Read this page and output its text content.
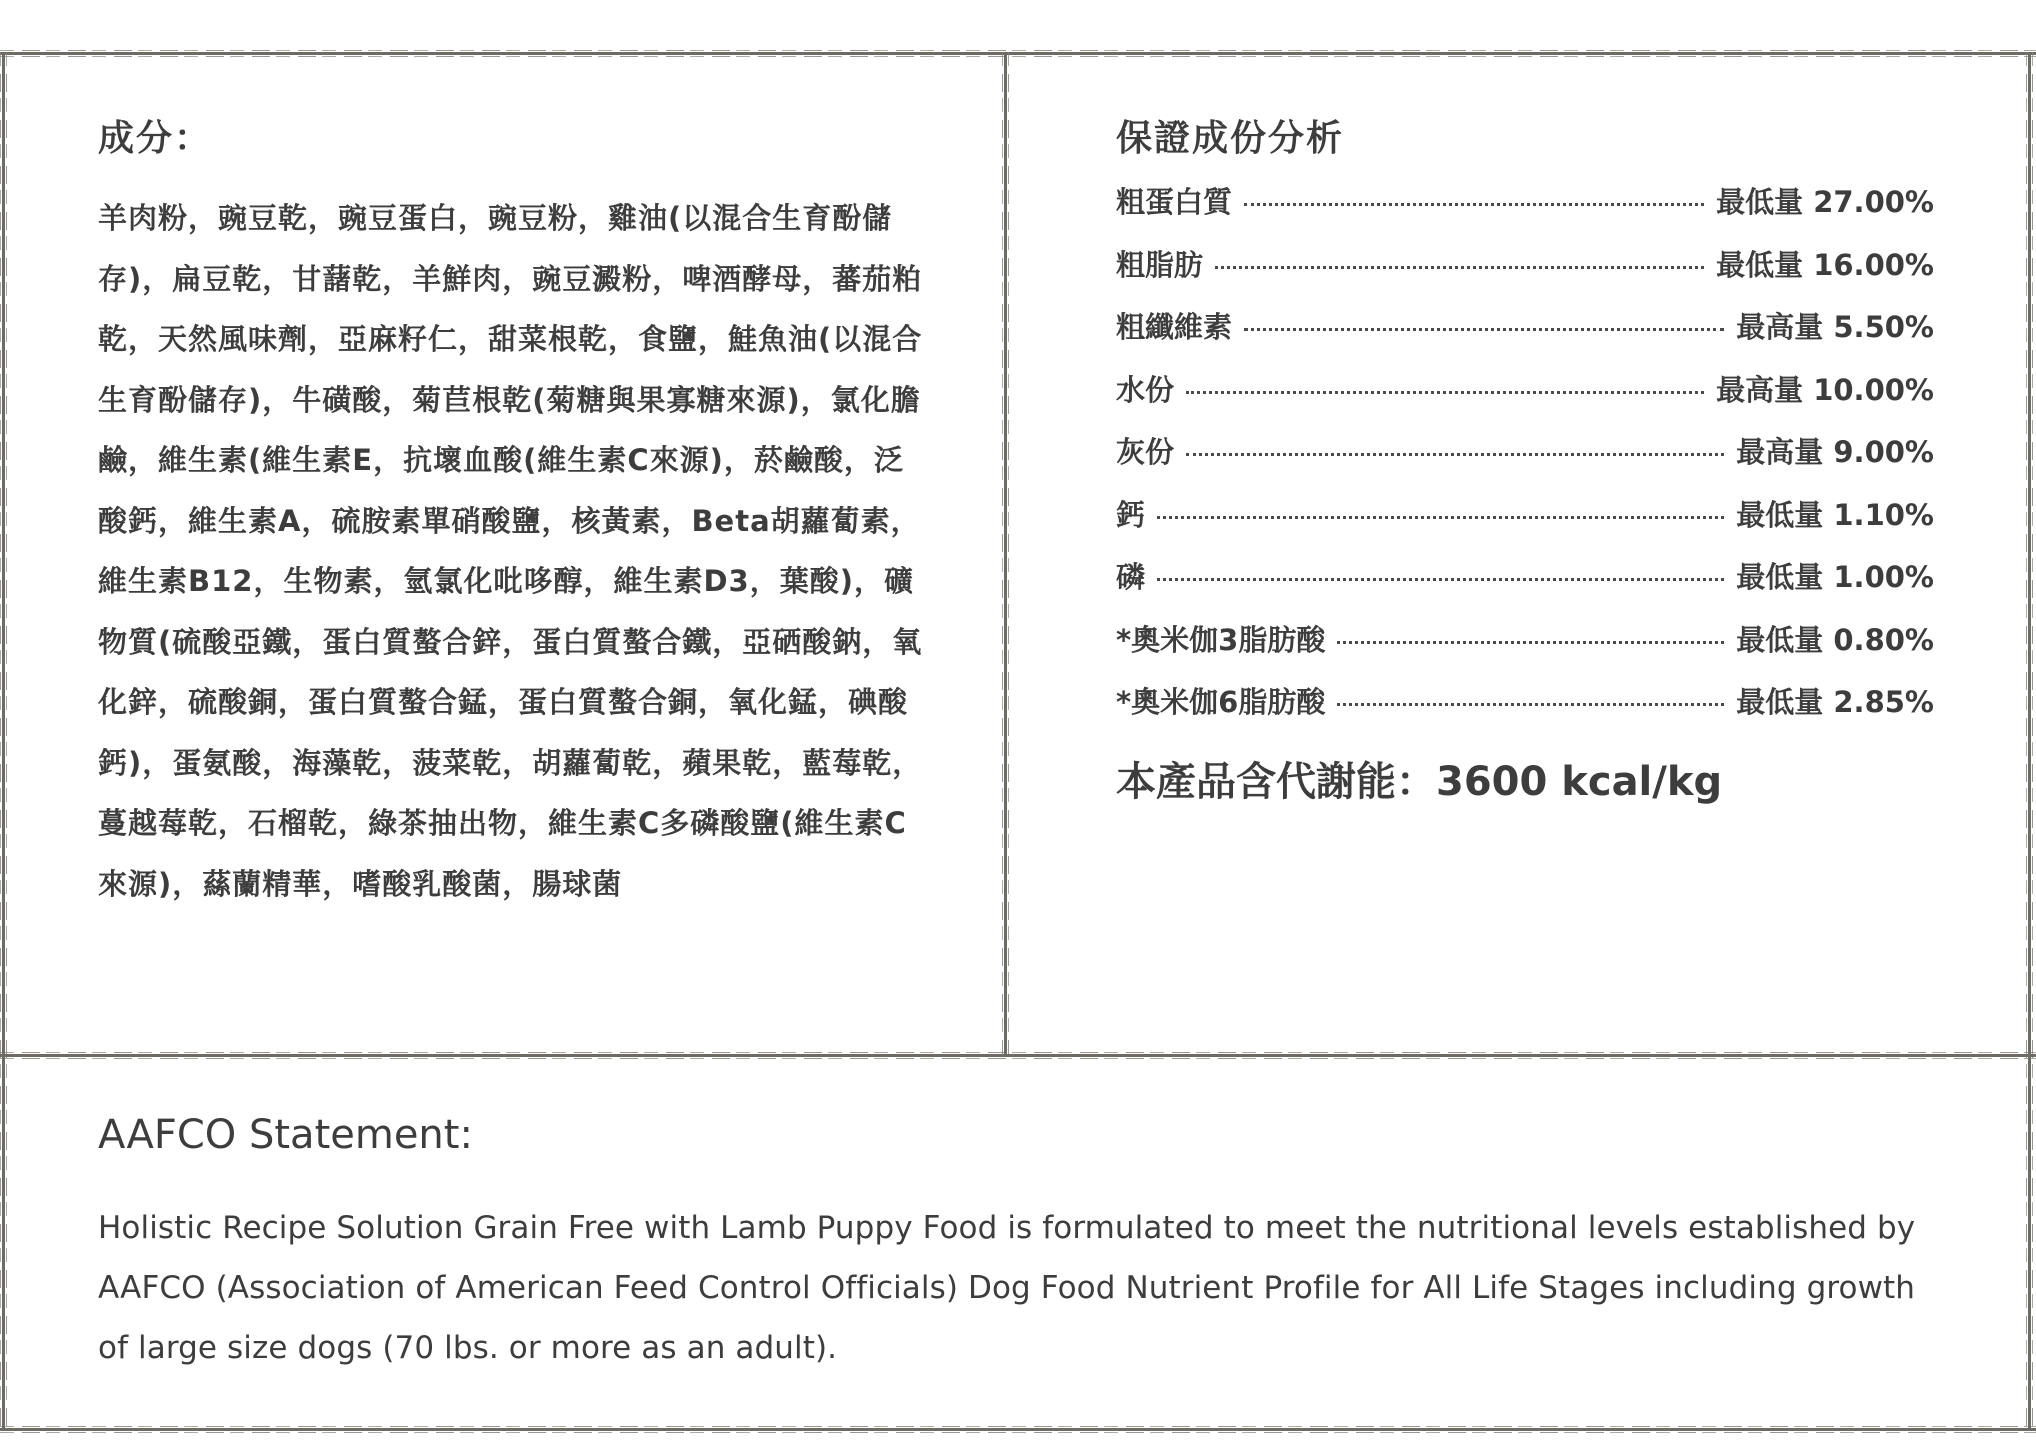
成分：

羊肉粉，豌豆乾，豌豆蛋白，豌豆粉，雞油(以混合生育酚儲存)，扁豆乾，甘藷乾，羊鮮肉，豌豆澱粉，啤酒酵母，蕃茄粕乾，天然風味劑，亞麻籽仁，甜菜根乾，食鹽，鮭魚油(以混合生育酚儲存)，牛磺酸，菊苣根乾(菊糖與果寡糖來源)，氯化膽鹼，維生素(維生素E，抗壞血酸(維生素C來源)，菸鹼酸，泛酸鈣，維生素A，硫胺素單硝酸鹽，核黃素，Beta胡蘿蔔素，維生素B12，生物素，氫氯化吡哆醇，維生素D3，葉酸)，礦物質(硫酸亞鐵，蛋白質螯合鋅，蛋白質螯合鐵，亞硒酸鈉，氧化鋅，硫酸銅，蛋白質螯合錳，蛋白質螯合銅，氧化錳，碘酸鈣)，蛋氨酸，海藻乾，菠菜乾，胡蘿蔔乾，蘋果乾，藍莓乾，蔓越莓乾，石榴乾，綠茶抽出物，維生素C多磷酸鹽(維生素C來源)，蕬蘭精華，嗜酸乳酸菌，腸球菌

保證成份分析
粗蛋白質	最低量 27.00%
粗脂肪	最低量 16.00%
粗纖維素	最高量 5.50%
水份	最高量 10.00%
灰份	最高量 9.00%
鈣	最低量 1.10%
磷	最低量 1.00%
*奧米伽3脂肪酸	最低量 0.80%
*奧米伽6脂肪酸	最低量 2.85%

本產品含代謝能：3600 kcal/kg

AAFCO Statement:

Holistic Recipe Solution Grain Free with Lamb Puppy Food is formulated to meet the nutritional levels established by AAFCO (Association of American Feed Control Officials) Dog Food Nutrient Profile for All Life Stages including growth of large size dogs (70 lbs. or more as an adult).
